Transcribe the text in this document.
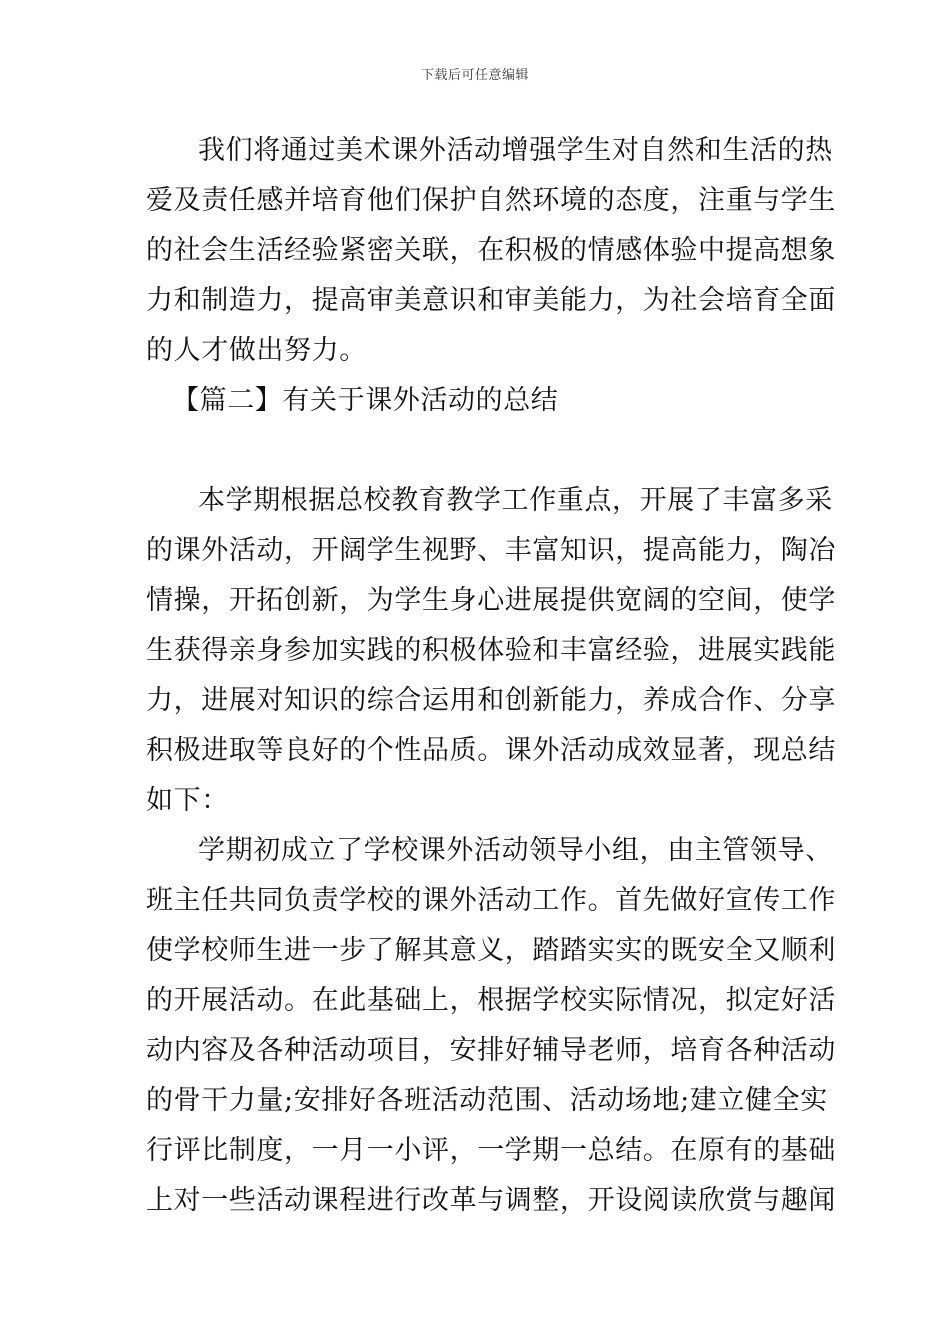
下载后可任意编辑
我们将通过美术课外活动增强学生对自然和生活的热
爱及责任感并培育他们保护自然环境的态度，注重与学生
的社会生活经验紧密关联，在积极的情感体验中提高想象
力和制造力，提高审美意识和审美能力，为社会培育全面
的人才做出努力。
【篇二】有关于课外活动的总结
本学期根据总校教育教学工作重点，开展了丰富多采
的课外活动，开阔学生视野、丰富知识，提高能力，陶冶
情操，开拓创新，为学生身心进展提供宽阔的空间，使学
生获得亲身参加实践的积极体验和丰富经验，进展实践能
力，进展对知识的综合运用和创新能力，养成合作、分享
积极进取等良好的个性品质。课外活动成效显著，现总结
如下：
学期初成立了学校课外活动领导小组，由主管领导、
班主任共同负责学校的课外活动工作。首先做好宣传工作
使学校师生进一步了解其意义，踏踏实实的既安全又顺利
的开展活动。在此基础上，根据学校实际情况，拟定好活
动内容及各种活动项目，安排好辅导老师，培育各种活动
的骨干力量;安排好各班活动范围、活动场地;建立健全实
行评比制度，一月一小评，一学期一总结。在原有的基础
上对一些活动课程进行改革与调整，开设阅读欣赏与趣闻
